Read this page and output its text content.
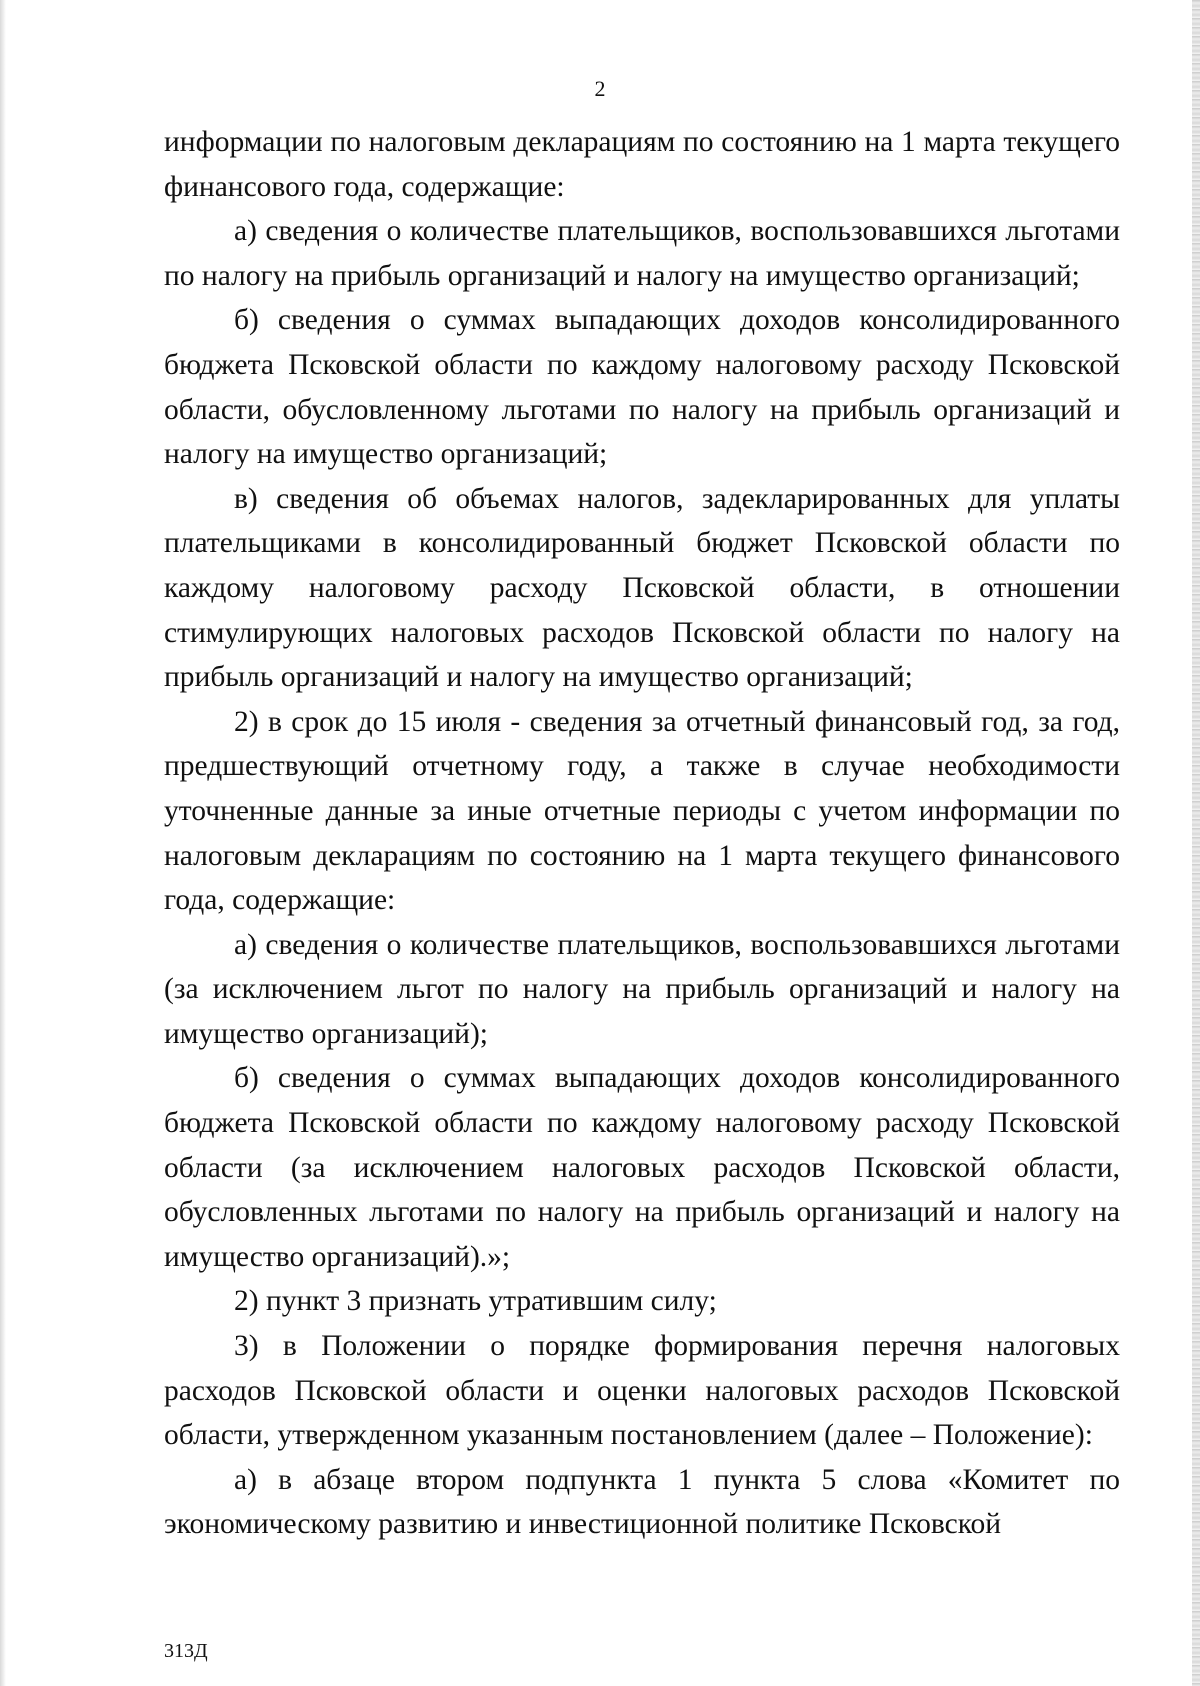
2

информации по налоговым декларациям по состоянию на 1 марта текущего финансового года, содержащие:

а) сведения о количестве плательщиков, воспользовавшихся льготами по налогу на прибыль организаций и налогу на имущество организаций;

б) сведения о суммах выпадающих доходов консолидированного бюджета Псковской области по каждому налоговому расходу Псковской области, обусловленному льготами по налогу на прибыль организаций и налогу на имущество организаций;

в) сведения об объемах налогов, задекларированных для уплаты плательщиками в консолидированный бюджет Псковской области по каждому налоговому расходу Псковской области, в отношении стимулирующих налоговых расходов Псковской области по налогу на прибыль организаций и налогу на имущество организаций;

2) в срок до 15 июля - сведения за отчетный финансовый год, за год, предшествующий отчетному году, а также в случае необходимости уточненные данные за иные отчетные периоды с учетом информации по налоговым декларациям по состоянию на 1 марта текущего финансового года, содержащие:

а) сведения о количестве плательщиков, воспользовавшихся льготами (за исключением льгот по налогу на прибыль организаций и налогу на имущество организаций);

б) сведения о суммах выпадающих доходов консолидированного бюджета Псковской области по каждому налоговому расходу Псковской области (за исключением налоговых расходов Псковской области, обусловленных льготами по налогу на прибыль организаций и налогу на имущество организаций).»;

2) пункт 3 признать утратившим силу;

3) в Положении о порядке формирования перечня налоговых расходов Псковской области и оценки налоговых расходов Псковской области, утвержденном указанным постановлением (далее – Положение):

а) в абзаце втором подпункта 1 пункта 5 слова «Комитет по экономическому развитию и инвестиционной политике Псковской

313Д
